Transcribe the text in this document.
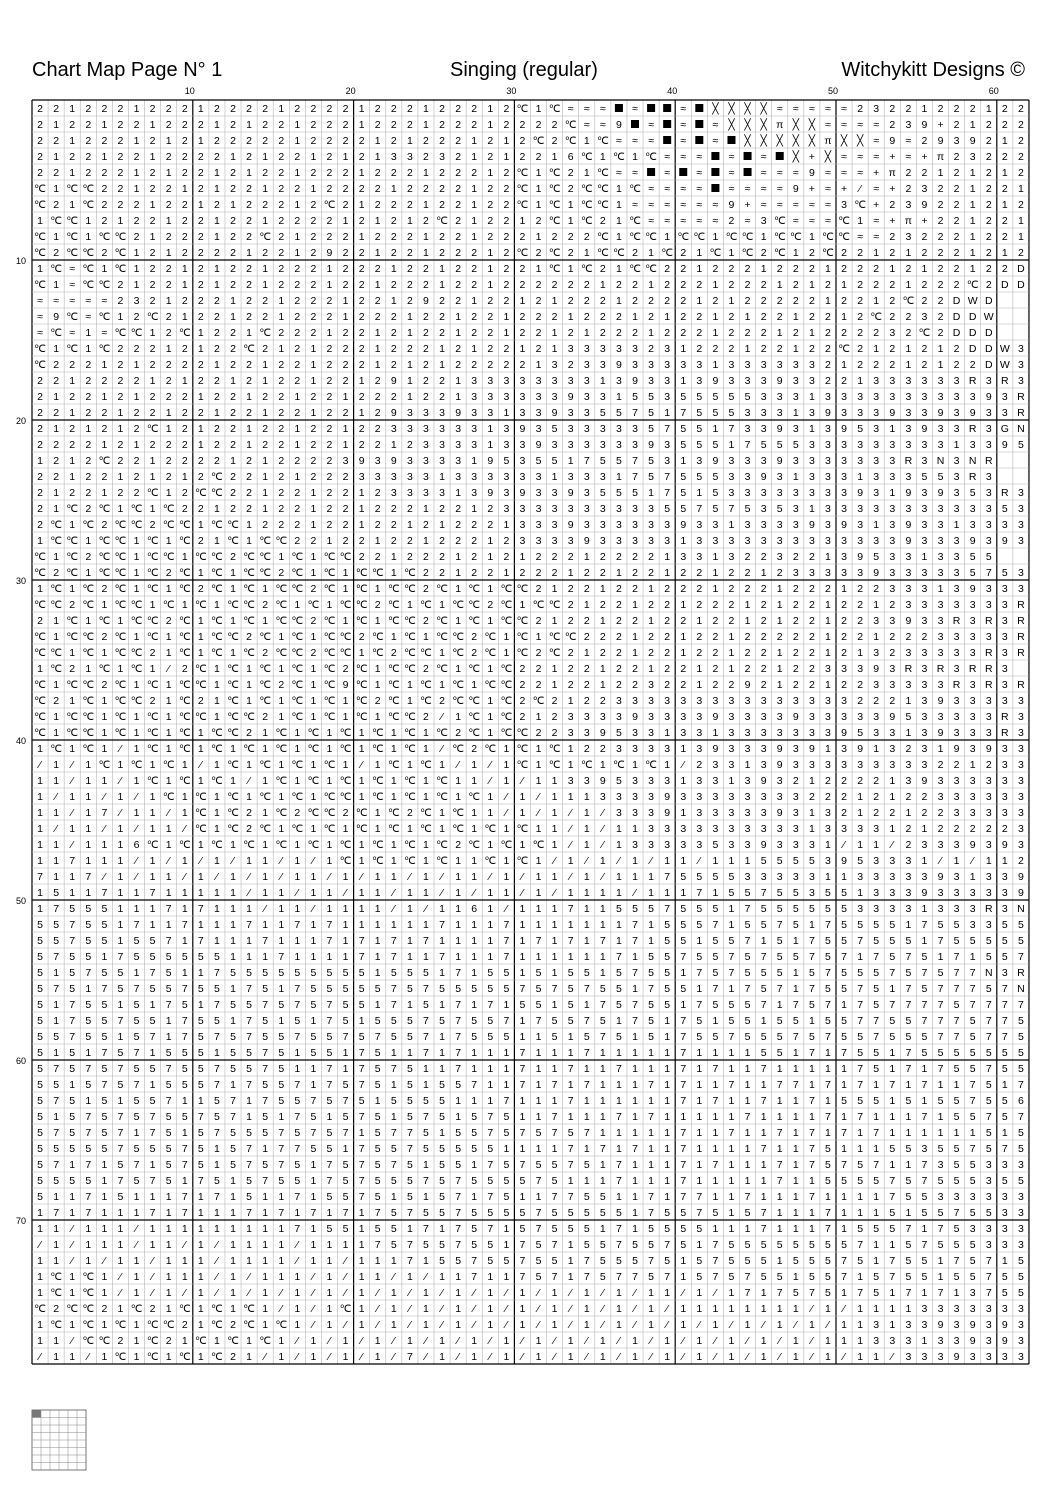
Chart Map Page N° 1	Singing (regular)	Witchykitt Designs ©
10	20	30	40	50	60
10
20
30
40
50
60
70
2 2 1 2 2 2 1 2 2 2 1 2 2 2 2 1 2 2 2 2 1 2 2 2 1 2 2 2 1 2 ℃ 1 ℃ ≈ ≈ ≈	≈	≈ ╳ ╳ ╳ ╳ ≈ ≈ ≈ ≈ ≈ 2 3 2 2 1 2 2 2 1 2 2
2 1 2 2 1 2 2 1 2 2 2 1 2 1 2 2 1 2 2 2 1 2 2 2 1 2 2 2 1 2 2 2 2 ℃ ≈ ≈ 9	≈	≈	≈ ╳ ╳ ╳ π ╳ ╳ ≈ ≈ ≈ ≈ 2 3 9 + 2 1 2 2 2
2 2 1 2 2 2 1 2 1 2 1 2 2 2 2 2 1 2 2 2 2 1 2 1 2 2 2 1 2 1 2 ℃ 2 ℃ 1 ℃ ≈ ≈ ≈	≈	≈ ╳ ╳ ╳ ╳ ╳ π ╳ ╳ ≈ 9 ≈ 2 9 3 9 2 1 2
2 1 2 2 1 2 2 1 2 2 2 2 1 2 1 2 2 1 2 1 2 1 3 3 2 3 2 1 2 1 2 2 1 6 ℃ 1 ℃ 1 ℃ ≈ ≈ ≈	≈	≈ ╳ + ╳ ≈ ≈ ≈ + ≈ + π 2 3 2 2 2
2 2 1 2 2 2 1 2 1 2 2 1 2 1 2 2 1 2 2 2 1 2 2 2 1 2 2 2 1 2 ℃ 1 ℃ 2 1 ℃ ≈ ≈	≈	≈	≈	≈ ≈ ≈ 9 ≈ ≈ ≈ + π 2 2 1 2 1 2 1 2
℃ 1 ℃ ℃ 2 2 1 2 2 1 2 1 2 2 1 2 2 1 2 2 2 2 1 2 2 2 2 1 2 2 ℃ 1 ℃ 2 ℃ ℃ 1 ℃ ≈ ≈ ≈ ≈	≈ ≈ ≈ ≈ 9 + ≈ + ⁄ ≈ + 2 3 2 2 1 2 2 1
℃ 2 1 ℃ 2 2 2 1 2 2 1 2 1 2 2 2 1 2 ℃ 2 1 2 2 2 1 2 2 1 2 2 ℃ 1 ℃ 1 ℃ ℃ 1 ≈ ≈ ≈ ≈ ≈ ≈ 9 + ≈ ≈ ≈ ≈ ≈ 3 ℃ + 2 3 9 2 2 1 2 1 2
1 ℃ ℃ 1 2 1 2 2 1 2 2 1 2 2 1 2 2 2 2 1 2 1 2 1 2 ℃ 2 1 2 2 1 2 ℃ 1 ℃ 2 1 ℃ ≈ ≈ ≈ ≈ ≈ 2 ≈ 3 ℃ ≈ ≈ ≈ ℃ 1 ≈ + π + 2 2 1 2 2 1
℃ 1 ℃ 1 ℃ ℃ 2 1 2 2 2 1 2 2 ℃ 2 1 2 2 2 1 2 2 2 1 2 2 1 2 2 2 1 2 2 2 ℃ 1 ℃ ℃ 1 ℃ ℃ 1 ℃ ℃ 1 ℃ ℃ 1 ℃ ℃ ≈ ≈ 2 3 2 2 2 1 2 2 1
℃ 2 ℃ ℃ 2 ℃ 1 2 1 2 2 2 2 1 2 2 1 2 9 2 2 1 2 2 1 2 2 2 1 2 ℃ 2 ℃ 2 1 ℃ ℃ 2 1 ℃ 2 1 ℃ 1 ℃ 2 ℃ 1 2 ℃ 2 2 1 2 1 2 2 2 1 2 1 2
1 ℃ ≈ ℃ 1 ℃ 1 2 2 1 2 1 2 2 1 2 2 2 1 2 2 2 1 2 2 1 2 2 1 2 2 1 ℃ 1 ℃ 2 1 ℃ ℃ 2 2 1 2 2 2 1 2 2 2 1 2 2 2 1 2 1 2 2 1 2 2 D
℃ 1 ≈ ℃ ℃ 2 1 2 2 1 2 1 2 2 1 2 2 2 1 2 2 1 2 2 2 1 2 2 1 2 2 2 2 2 2 1 2 2 1 2 2 2 1 2 2 2 1 2 1 2 1 2 2 2 1 2 2 2 ℃ 2 D D
≈ ≈ ≈ ≈ ≈ 2 3 2 1 2 2 2 1 2 2 1 2 2 2 1 2 2 1 2 9 2 2 1 2 2 1 2 1 2 2 2 1 2 2 2 2 1 2 1 2 2 2 2 2 1 2 2 1 2 ℃ 2 2 D W D
≈ 9 ℃ ≈ ℃ 1 2 ℃ 2 1 2 2 1 2 2 1 2 2 2 1 2 2 2 1 2 2 1 2 2 1 2 2 2 1 2 2 2 1 2 1 2 2 1 2 1 2 2 1 2 2 1 2 ℃ 2 2 3 2 D D W
≈ ℃ ≈ 1 ≈ ℃ ℃ 1 2 ℃ 1 2 2 1 ℃ 2 2 2 1 2 2 1 2 1 2 2 1 2 2 1 2 2 1 2 1 2 2 2 1 2 2 2 1 2 2 2 1 2 1 2 2 2 2 3 2 ℃ 2 D D D
℃ 1 ℃ 1 ℃ 2 2 2 1 2 1 2 2 ℃ 2 1 2 1 2 2 2 1 2 2 2 1 2 1 2 2 1 2 1 3 3 3 3 3 2 3 1 2 2 2 1 2 2 1 2 2 ℃ 2 1 2 1 2 1 2 D D W 3
℃ 2 2 2 1 2 1 2 2 2 2 1 2 2 1 2 2 1 2 2 2 1 2 1 2 1 2 2 2 2 2 1 3 2 3 3 9 3 3 3 3 3 1 3 3 3 3 3 3 2 1 2 2 2 1 2 1 2 2 D W 3
2 2 1 2 2 2 2 1 2 1 2 2 1 2 1 2 2 1 2 2 1 2 9 1 2 2 1 3 3 3 3 3 3 3 3 1 3 9 3 3 1 3 9 3 3 3 9 3 3 2 2 1 3 3 3 3 3 3 R 3 R 3
2 1 2 2 1 2 1 2 2 2 1 2 2 1 2 2 1 2 2 1 2 2 2 1 2 2 1 3 3 3 3 3 3 9 3 3 1 5 5 3 5 5 5 5 5 3 3 3 1 3 3 3 3 3 3 3 3 3 3 9 3 R
2 2 1 2 2 1 2 2 1 2 2 1 2 2 1 2 2 1 2 2 1 2 9 3 3 3 9 3 3 1 3 3 9 3 3 5 5 7 5 1 7 5 5 5 3 3 3 1 3 9 3 3 3 9 3 3 9 3 9 3 3 R
2 1 2 1 2 1 2 ℃ 1 2 1 2 2 1 2 2 1 2 2 1 2 2 3 3 3 3 3 3 1 3 9 3 5 3 3 3 3 3 5 7 5 5 1 7 3 3 9 3 1 3 9 5 3 1 3 9 3 3 R 3 G N
2 2 2 2 1 2 1 2 2 2 1 2 2 1 2 2 1 2 2 1 2 2 1 2 3 3 3 3 1 3 3 9 3 3 3 3 3 3 9 3 5 5 5 1 7 5 5 5 3 3 3 3 3 3 3 3 3 1 3 3 9 5
1 2 1 2 ℃ 2 2 1 2 2 2 2 1 2 1 2 2 2 2 3 9 3 9 3 3 3 3 1 9 5 3 5 5 1 7 5 5 7 5 3 1 3 9 3 3 3 9 3 3 3 3 3 3 3 R 3 N 3 N R
2 2 1 2 2 1 2 1 2 1 2 ℃ 2 2 1 2 1 2 2 2 3 3 3 3 3 1 3 3 3 3 3 3 1 3 3 3 1 7 5 7 5 5 5 3 3 9 3 1 3 3 3 1 3 3 3 5 5 3 R 3
2 1 2 2 1 2 2 ℃ 1 2 ℃ ℃ 2 2 1 2 2 1 2 2 1 2 3 3 3 3 1 3 9 3 9 3 3 9 3 5 5 5 1 7 5 1 5 3 3 3 3 3 3 3 3 9 3 1 9 3 9 3 5 3 R 3
2 1 ℃ 2 ℃ 1 ℃ 1 ℃ 2 2 1 2 2 1 2 2 1 2 2 1 2 2 2 1 2 2 1 2 3 3 3 3 3 3 3 3 3 3 5 5 7 5 7 5 3 5 3 1 3 3 3 3 3 3 3 3 3 3 3 5 3
2 ℃ 1 ℃ 2 ℃ ℃ 2 ℃ ℃ 1 ℃ ℃ 1 2 2 2 1 2 2 1 2 2 1 2 1 2 2 2 1 3 3 3 9 3 3 3 3 3 3 9 3 3 1 3 3 3 3 9 3 9 3 1 3 9 3 3 1 3 3 3 3
1 ℃ ℃ 1 ℃ ℃ 1 ℃ 1 ℃ 2 1 ℃ 1 ℃ ℃ 2 2 1 2 2 1 2 2 1 2 2 2 1 2 3 3 3 3 9 3 3 3 3 3 1 3 3 3 3 3 3 3 3 3 3 3 3 3 9 3 3 3 9 3 9 3
℃ 1 ℃ 2 ℃ ℃ 1 ℃ ℃ 1 ℃ ℃ 2 ℃ ℃ 1 ℃ 1 ℃ ℃ 2 2 1 2 2 2 1 2 1 2 1 2 2 2 1 2 2 2 2 1 3 3 1 3 2 2 3 2 2 1 3 9 5 3 3 1 3 3 5 5
℃ 2 ℃ 1 ℃ ℃ 1 ℃ 2 ℃ 1 ℃ 1 ℃ ℃ 2 ℃ 1 ℃ 1 ℃ ℃ 1 ℃ 2 2 1 2 2 1 2 2 2 1 2 2 1 2 2 1 2 2 1 2 2 1 2 3 3 3 3 3 9 3 3 3 3 3 5 7 5 3
1 ℃ 1 ℃ 2 ℃ 1 ℃ 1 ℃ 2 ℃ 1 ℃ 1 ℃ ℃ 2 ℃ 1 ℃ 1 ℃ ℃ 2 ℃ 1 ℃ 1 ℃ ℃ 2 1 2 2 1 2 2 1 2 2 2 1 2 2 2 1 2 2 2 1 2 2 3 3 3 1 3 9 3 3 3
℃ ℃ 2 ℃ 1 ℃ ℃ 1 ℃ 1 ℃ 1 ℃ ℃ 2 ℃ 1 ℃ 1 ℃ ℃ 2 ℃ 1 ℃ 1 ℃ ℃ 2 ℃ 1 ℃ ℃ 2 1 2 2 1 2 2 1 2 2 2 1 2 1 2 2 1 2 2 1 2 3 3 3 3 3 3 3 R
2 1 ℃ 1 ℃ 1 ℃ ℃ 2 ℃ 1 ℃ 1 ℃ 1 ℃ ℃ 2 ℃ 1 ℃ 1 ℃ ℃ 2 ℃ 1 ℃ 1 ℃ ℃ 2 1 2 2 1 2 2 1 2 2 1 2 2 1 2 1 2 2 1 2 2 3 3 9 3 3 R 3 R 3 R
℃ 1 ℃ ℃ 2 ℃ 1 ℃ 1 ℃ 1 ℃ ℃ 2 ℃ 1 ℃ 1 ℃ ℃ 2 ℃ 1 ℃ 1 ℃ ℃ 2 ℃ 1 ℃ 1 ℃ ℃ 2 2 2 1 2 2 1 2 2 1 2 2 2 2 2 1 2 2 1 2 2 2 3 3 3 3 3 R
℃ ℃ 1 ℃ 1 ℃ ℃ 2 1 ℃ 1 ℃ 1 ℃ 2 ℃ ℃ 2 ℃ ℃ 1 ℃ 2 ℃ ℃ 1 ℃ 2 ℃ 1 ℃ 2 ℃ 2 1 2 2 1 2 2 1 2 2 1 2 2 1 2 2 1 2 1 3 2 3 3 3 3 3 R 3 R
1 ℃ 2 1 ℃ 1 ℃ 1 ⁄ 2 ℃ 1 ℃ 1 ℃ 1 ℃ 1 ℃ 2 ℃ 1 ℃ ℃ 2 ℃ 1 ℃ 1 ℃ 2 2 1 2 2 1 2 2 1 2 2 1 2 1 2 2 1 2 2 3 3 3 9 3 R 3 R 3 R R 3
℃ 1 ℃ ℃ 2 ℃ 1 ℃ 1 ℃ ℃ 1 ℃ 1 ℃ 2 ℃ 1 ℃ 9 ℃ 1 ℃ 1 ℃ 1 ℃ 1 ℃ ℃ 2 2 1 2 2 1 2 2 3 2 2 1 2 2 9 2 1 2 2 1 2 2 3 3 3 3 3 R 3 R 3 R
℃ 2 1 ℃ 1 ℃ ℃ 2 1 ℃ 2 1 ℃ 1 ℃ 1 ℃ 1 ℃ 1 ℃ 2 ℃ 1 ℃ 2 ℃ ℃ 1 ℃ 2 ℃ 2 1 2 2 3 3 3 3 3 3 3 3 3 3 3 3 3 3 3 2 2 2 1 3 9 3 3 3 3 3
℃ 1 ℃ ℃ 1 ℃ 1 ℃ 1 ℃ ℃ 1 ℃ ℃ 2 1 ℃ 1 ℃ 1 ℃ 1 ℃ ℃ 2 ⁄ 1 ℃ 1 ℃ 2 1 2 3 3 3 3 9 3 3 3 3 9 3 3 3 3 9 3 3 3 3 3 9 5 3 3 3 3 3 R 3
℃ 1 ℃ ℃ 1 ℃ 1 ℃ 1 ℃ 1 ℃ ℃ 2 1 ℃ 1 ℃ 1 ℃ 1 ℃ 1 ℃ 1 ℃ 2 ℃ 1 ℃ ℃ 2 2 3 3 9 5 3 3 1 3 3 1 3 3 3 3 3 3 3 9 5 3 3 1 3 9 3 3 3 R 3
1 ℃ 1 ℃ 1 ⁄ 1 ℃ 1 ℃ 1 ℃ 1 ℃ 1 ℃ 1 ℃ 1 ℃ 1 ℃ 1 ℃ 1 ⁄ ℃ 2 ℃ 1 ℃ 1 ℃ 1 2 2 3 3 3 3 1 3 9 3 3 3 9 3 9 1 3 9 1 3 2 3 1 9 3 9 3 3
⁄ 1 ⁄ 1 ℃ 1 ℃ 1 ℃ 1 ⁄ 1 ℃ 1 ℃ 1 ℃ 1 ℃ 1 ⁄ 1 ℃ 1 ℃ 1 ⁄ 1 ⁄ 1 ℃ 1 ℃ 1 ℃ 1 ℃ 1 ℃ 1 ⁄ 2 3 3 1 3 9 3 3 3 3 3 3 3 3 3 2 2 1 2 3 3
1 1 ⁄ 1 1 ⁄ 1 ℃ 1 ℃ 1 ℃ 1 ⁄ 1 ℃ 1 ℃ 1 ℃ 1 ℃ 1 ℃ 1 ℃ 1 1 ⁄ 1 ⁄ 1 1 3 3 9 5 3 3 3 1 3 3 1 3 9 3 2 1 2 2 2 2 1 3 9 3 3 3 3 3 3
1 ⁄ 1 1 ⁄ 1 ⁄ 1 ℃ 1 ℃ 1 ℃ 1 ℃ 1 ℃ 1 ℃ ℃ 1 ℃ 1 ℃ 1 ℃ 1 ℃ 1 ⁄ 1 ⁄ 1 1 1 3 3 3 3 9 3 3 3 3 3 3 3 3 2 2 2 1 2 1 2 2 3 3 3 3 3 3
1 1 ⁄ 1 7 ⁄ 1 1 ⁄ 1 ℃ 1 ℃ 2 1 ℃ 2 ℃ ℃ 2 ℃ 1 ℃ 2 ℃ 1 ℃ 1 1 ⁄ 1 ⁄ 1 ⁄ 1 ⁄ 3 3 3 9 1 3 3 3 3 3 9 3 1 3 2 1 2 2 1 2 2 3 3 3 3 3
1 ⁄ 1 1 ⁄ 1 ⁄ 1 1 ⁄ ℃ 1 ℃ 2 ℃ 1 ℃ 1 ℃ 1 ℃ 1 ℃ 1 ℃ 1 ℃ 1 ℃ 1 ℃ 1 1 ⁄ 1 ⁄ 1 1 3 3 3 3 3 3 3 3 3 3 1 3 3 3 3 1 2 1 2 2 2 2 2 3
1 1 ⁄ 1 1 1 6 ℃ 1 ℃ 1 ℃ 1 ℃ 1 ℃ 1 ℃ 1 ℃ 1 ℃ 1 ℃ 1 ℃ 2 ℃ 1 ℃ 1 ℃ 1 ⁄ 1 ⁄ 1 3 3 3 3 3 5 3 3 9 3 3 3 1 ⁄ 1 1 ⁄ 2 3 3 3 9 3 9 3
1 1 7 1 1 1 ⁄ 1 ⁄ 1 ⁄ 1 ⁄ 1 1 ⁄ 1 ⁄ 1 ℃ 1 ℃ 1 ℃ 1 ℃ 1 1 ℃ 1 ℃ 1 ⁄ 1 ⁄ 1 ⁄ 1 ⁄ 1 1 ⁄ 1 1 1 5 5 5 5 3 9 5 3 3 3 1 ⁄ 1 ⁄ 1 1 2
7 1 1 7 ⁄ 1 ⁄ 1 1 ⁄ 1 ⁄ 1 ⁄ 1 ⁄ 1 1 ⁄ 1 ⁄ 1 1 ⁄ 1 ⁄ 1 1 ⁄ 1 ⁄ 1 1 ⁄ 1 ⁄ 1 1 1 7 5 5 5 5 3 3 3 3 3 1 1 3 3 3 3 3 9 3 1 3 3 9
1 5 1 1 7 1 1 7 1 1 1 1 1 ⁄ 1 1 ⁄ 1 1 ⁄ 1 1 ⁄ 1 1 ⁄ 1 ⁄ 1 1 ⁄ 1 ⁄ 1 1 1 1 ⁄ 1 1 1 7 1 5 5 7 5 5 3 5 5 1 3 3 3 9 3 3 3 3 3 9
1 7 5 5 5 1 1 1 7 1 7 1 1 1 ⁄ 1 1 ⁄ 1 1 1 1 ⁄ 1 ⁄ 1 1 6 1 ⁄ 1 1 1 7 1 1 5 5 5 7 5 5 5 1 7 5 5 5 5 5 5 3 3 3 3 1 3 3 3 R 3 N
5 5 7 5 5 1 7 1 1 7 1 1 1 7 1 1 7 1 7 1 1 1 1 1 1 7 1 1 1 7 1 1 1 1 1 1 1 7 1 5 5 5 7 1 5 5 7 5 1 7 5 5 5 5 1 7 5 5 3 3 5 5
5 5 7 5 5 1 5 5 7 1 7 1 1 1 7 1 1 1 7 1 7 1 7 1 7 1 1 1 1 7 1 7 1 7 1 7 1 7 1 5 5 1 5 5 7 1 5 1 7 5 5 7 5 5 5 1 7 5 5 5 5 5
5 7 5 5 1 7 5 5 5 5 5 5 1 1 1 7 1 1 1 1 7 1 7 1 1 7 1 1 1 7 1 1 1 1 1 1 7 1 5 5 7 5 5 7 5 7 5 5 7 5 7 1 7 5 7 5 1 7 1 5 5 7
5 1 5 7 5 5 1 7 5 1 1 7 5 5 5 5 5 5 5 5 5 1 5 5 5 1 7 1 5 5 1 5 1 5 5 1 5 7 5 5 1 7 5 7 5 5 5 1 5 7 5 5 5 7 5 7 5 7 7 N 3 R
5 7 5 1 7 5 7 5 5 7 5 5 1 7 5 1 7 5 5 5 5 5 7 5 7 5 5 5 5 5 7 5 7 5 7 5 5 1 7 5 5 1 7 1 7 5 7 1 7 5 5 7 5 1 7 5 7 7 7 5 7 N
5 1 7 5 5 1 5 1 7 5 1 7 5 5 7 5 7 5 7 5 5 1 7 1 5 1 7 1 7 1 5 5 1 5 1 7 5 7 5 5 1 7 5 5 5 7 1 7 5 7 1 7 5 7 7 7 7 5 7 7 7 7
5 1 7 5 5 7 5 5 1 7 5 5 1 7 5 1 5 1 7 5 1 5 5 5 7 5 7 5 5 7 1 7 5 5 7 5 1 7 5 1 7 5 1 5 5 1 5 5 1 5 5 7 7 5 5 7 7 7 5 7 7 5
5 5 7 5 5 1 5 7 1 7 5 7 5 7 5 5 7 5 5 7 5 7 5 5 7 1 7 5 5 5 1 1 5 1 5 7 5 1 5 1 7 5 5 7 5 5 5 7 5 7 5 5 7 5 5 5 7 7 5 7 7 5
5 1 5 1 7 5 7 1 5 5 5 1 5 5 7 5 1 5 5 1 7 5 1 1 7 1 7 1 1 1 7 1 1 1 7 1 1 1 1 1 7 1 1 1 1 5 5 1 7 1 7 5 5 1 7 5 5 5 5 5 5 5
5 7 5 7 5 7 5 5 7 5 5 7 5 5 7 5 1 1 7 1 7 5 7 5 1 1 7 1 1 1 7 1 1 7 1 1 7 1 1 1 7 1 7 1 1 7 1 1 1 1 1 7 5 1 7 1 7 5 5 7 5 5
5 5 1 5 7 5 7 1 5 5 5 7 1 7 5 5 7 1 7 5 7 5 1 5 1 5 5 7 1 1 7 1 7 1 7 1 1 1 7 1 7 1 1 7 1 1 7 7 1 7 1 7 1 7 1 7 1 1 7 5 1 7
5 7 5 1 5 1 5 5 7 1 1 5 7 1 7 5 5 7 5 7 5 1 5 5 5 5 1 1 1 7 1 1 1 7 1 1 1 1 1 1 7 1 7 1 1 7 1 1 7 1 5 5 5 1 5 1 5 5 7 5 5 6
5 1 5 7 5 7 5 7 5 5 7 5 7 1 5 1 7 5 1 5 7 5 1 5 7 5 1 5 7 5 1 1 7 1 1 1 7 1 7 1 1 1 1 1 7 1 1 1 1 7 1 7 1 1 1 7 1 5 5 7 5 7
5 7 5 7 5 7 1 7 5 1 5 7 5 5 5 7 5 7 5 7 1 5 7 7 5 1 5 5 7 5 7 5 7 5 7 1 1 1 1 1 7 1 1 7 1 1 7 1 7 1 7 1 7 1 1 1 1 1 1 5 1 5
5 5 5 5 5 7 5 5 5 7 5 1 5 7 1 7 7 5 5 1 7 5 5 7 5 5 5 5 5 1 1 1 1 7 1 7 1 7 1 1 7 1 1 1 1 7 1 1 7 5 1 1 1 5 5 3 5 5 7 5 7 5
5 7 1 7 1 5 7 1 5 7 5 1 5 7 5 7 5 1 7 5 7 5 7 5 1 5 5 1 7 5 7 5 5 7 5 1 7 1 1 1 7 1 7 1 1 1 7 1 7 5 7 5 7 1 1 7 3 5 5 3 3 3
5 5 5 5 1 7 5 7 5 1 7 5 1 5 7 5 5 1 7 5 7 5 5 5 7 5 7 5 5 5 5 7 5 1 1 1 7 1 1 1 7 1 1 1 1 1 7 1 1 5 5 5 5 7 5 7 5 5 5 3 5 5
5 1 1 7 1 5 1 1 1 7 1 7 1 5 1 1 7 1 5 5 7 5 1 5 1 5 7 1 7 5 1 1 7 7 5 5 1 1 7 1 7 7 1 1 7 1 1 1 7 1 1 1 1 7 5 5 3 3 3 3 3 3
1 7 1 7 1 1 1 7 1 7 1 1 1 7 1 7 1 7 1 7 1 7 5 7 5 5 7 5 5 5 5 7 5 5 5 5 5 1 7 5 5 7 5 1 5 7 1 1 1 7 1 1 1 5 1 5 5 7 5 5 3 3
1 1 ⁄ 1 1 1 ⁄ 1 1 1 1 1 1 1 1 1 7 1 5 5 1 5 5 1 7 1 7 5 7 1 5 7 5 5 5 1 7 1 5 5 5 5 1 1 1 7 1 1 1 7 1 5 5 5 7 1 7 5 3 3 3 3
⁄ 1 ⁄ 1 1 1 ⁄ 1 1 ⁄ 1 ⁄ 1 1 1 1 ⁄ 1 1 1 1 7 5 7 5 5 7 5 5 1 7 5 7 1 5 5 7 5 5 7 5 1 7 5 5 5 5 5 5 5 5 7 1 1 5 7 5 5 5 3 3 3
1 1 ⁄ 1 ⁄ 1 1 ⁄ 1 1 1 ⁄ 1 1 1 1 ⁄ 1 1 ⁄ 1 1 1 7 1 5 5 7 5 5 7 5 5 1 7 5 5 5 7 5 1 5 7 5 5 5 1 5 5 5 7 5 1 7 5 5 1 7 5 7 1 5
1 ℃ 1 ℃ 1 ⁄ 1 ⁄ 1 1 1 ⁄ 1 ⁄ 1 1 1 ⁄ 1 ⁄ 1 1 ⁄ 1 ⁄ 1 1 7 1 1 7 5 7 1 7 5 7 7 5 7 1 5 7 5 7 5 5 1 5 5 7 1 5 7 5 5 1 5 5 7 5 5
1 ℃ 1 ℃ 1 ⁄ 1 ⁄ 1 ⁄ 1 ⁄ 1 ⁄ 1 ⁄ 1 ⁄ 1 ⁄ 1 ⁄ 1 ⁄ 1 ⁄ 1 ⁄ 1 ⁄ 1 ⁄ 1 ⁄ 1 ⁄ 1 ⁄ 1 1 ⁄ 1 ⁄ 1 7 1 7 5 7 5 1 7 5 1 7 1 7 1 3 7 5 5
℃ 2 ℃ ℃ 2 1 ℃ 2 1 ℃ 1 ℃ 1 ℃ 1 ⁄ 1 ⁄ 1 ℃ 1 ⁄ 1 ⁄ 1 ⁄ 1 ⁄ 1 ⁄ 1 ⁄ 1 ⁄ 1 ⁄ 1 ⁄ 1 ⁄ 1 1 1 1 1 1 1 1 ⁄ 1 ⁄ 1 1 1 1 3 3 3 3 3 3 3
1 ℃ 1 ℃ 1 ℃ 1 ℃ ℃ 2 1 ℃ 2 ℃ 1 ℃ 1 ⁄ 1 ⁄ 1 ⁄ 1 ⁄ 1 ⁄ 1 ⁄ 1 ⁄ 1 ⁄ 1 ⁄ 1 ⁄ 1 ⁄ 1 ⁄ 1 ⁄ 1 ⁄ 1 ⁄ 1 ⁄ 1 ⁄ 1 1 3 1 3 3 9 3 9 3 9 3
1 1 ⁄ ℃ ℃ 2 1 ℃ 2 1 ℃ 1 ℃ 1 ℃ 1 ⁄ 1 ⁄ 1 ⁄ 1 ⁄ 1 ⁄ 1 ⁄ 1 ⁄ 1 ⁄ 1 ⁄ 1 ⁄ 1 ⁄ 1 ⁄ 1 ⁄ 1 ⁄ 1 ⁄ 1 ⁄ 1 ⁄ 1 1 1 3 3 3 1 3 3 9 3 9 3
⁄ 1 1 ⁄ 1 ℃ 1 ℃ 1 ℃ 1 ℃ 2 1 ⁄ 1 ⁄ 1 ⁄ 1 ⁄ 1 ⁄ 7 ⁄ 1 ⁄ 1 ⁄ 1 ⁄ 1 ⁄ 1 ⁄ 1 ⁄ 1 ⁄ 1 ⁄ 1 ⁄ 1 ⁄ 1 ⁄ 1 ⁄ 1 ⁄ 1 1 ⁄ 3 3 3 9 3 3 3 3
